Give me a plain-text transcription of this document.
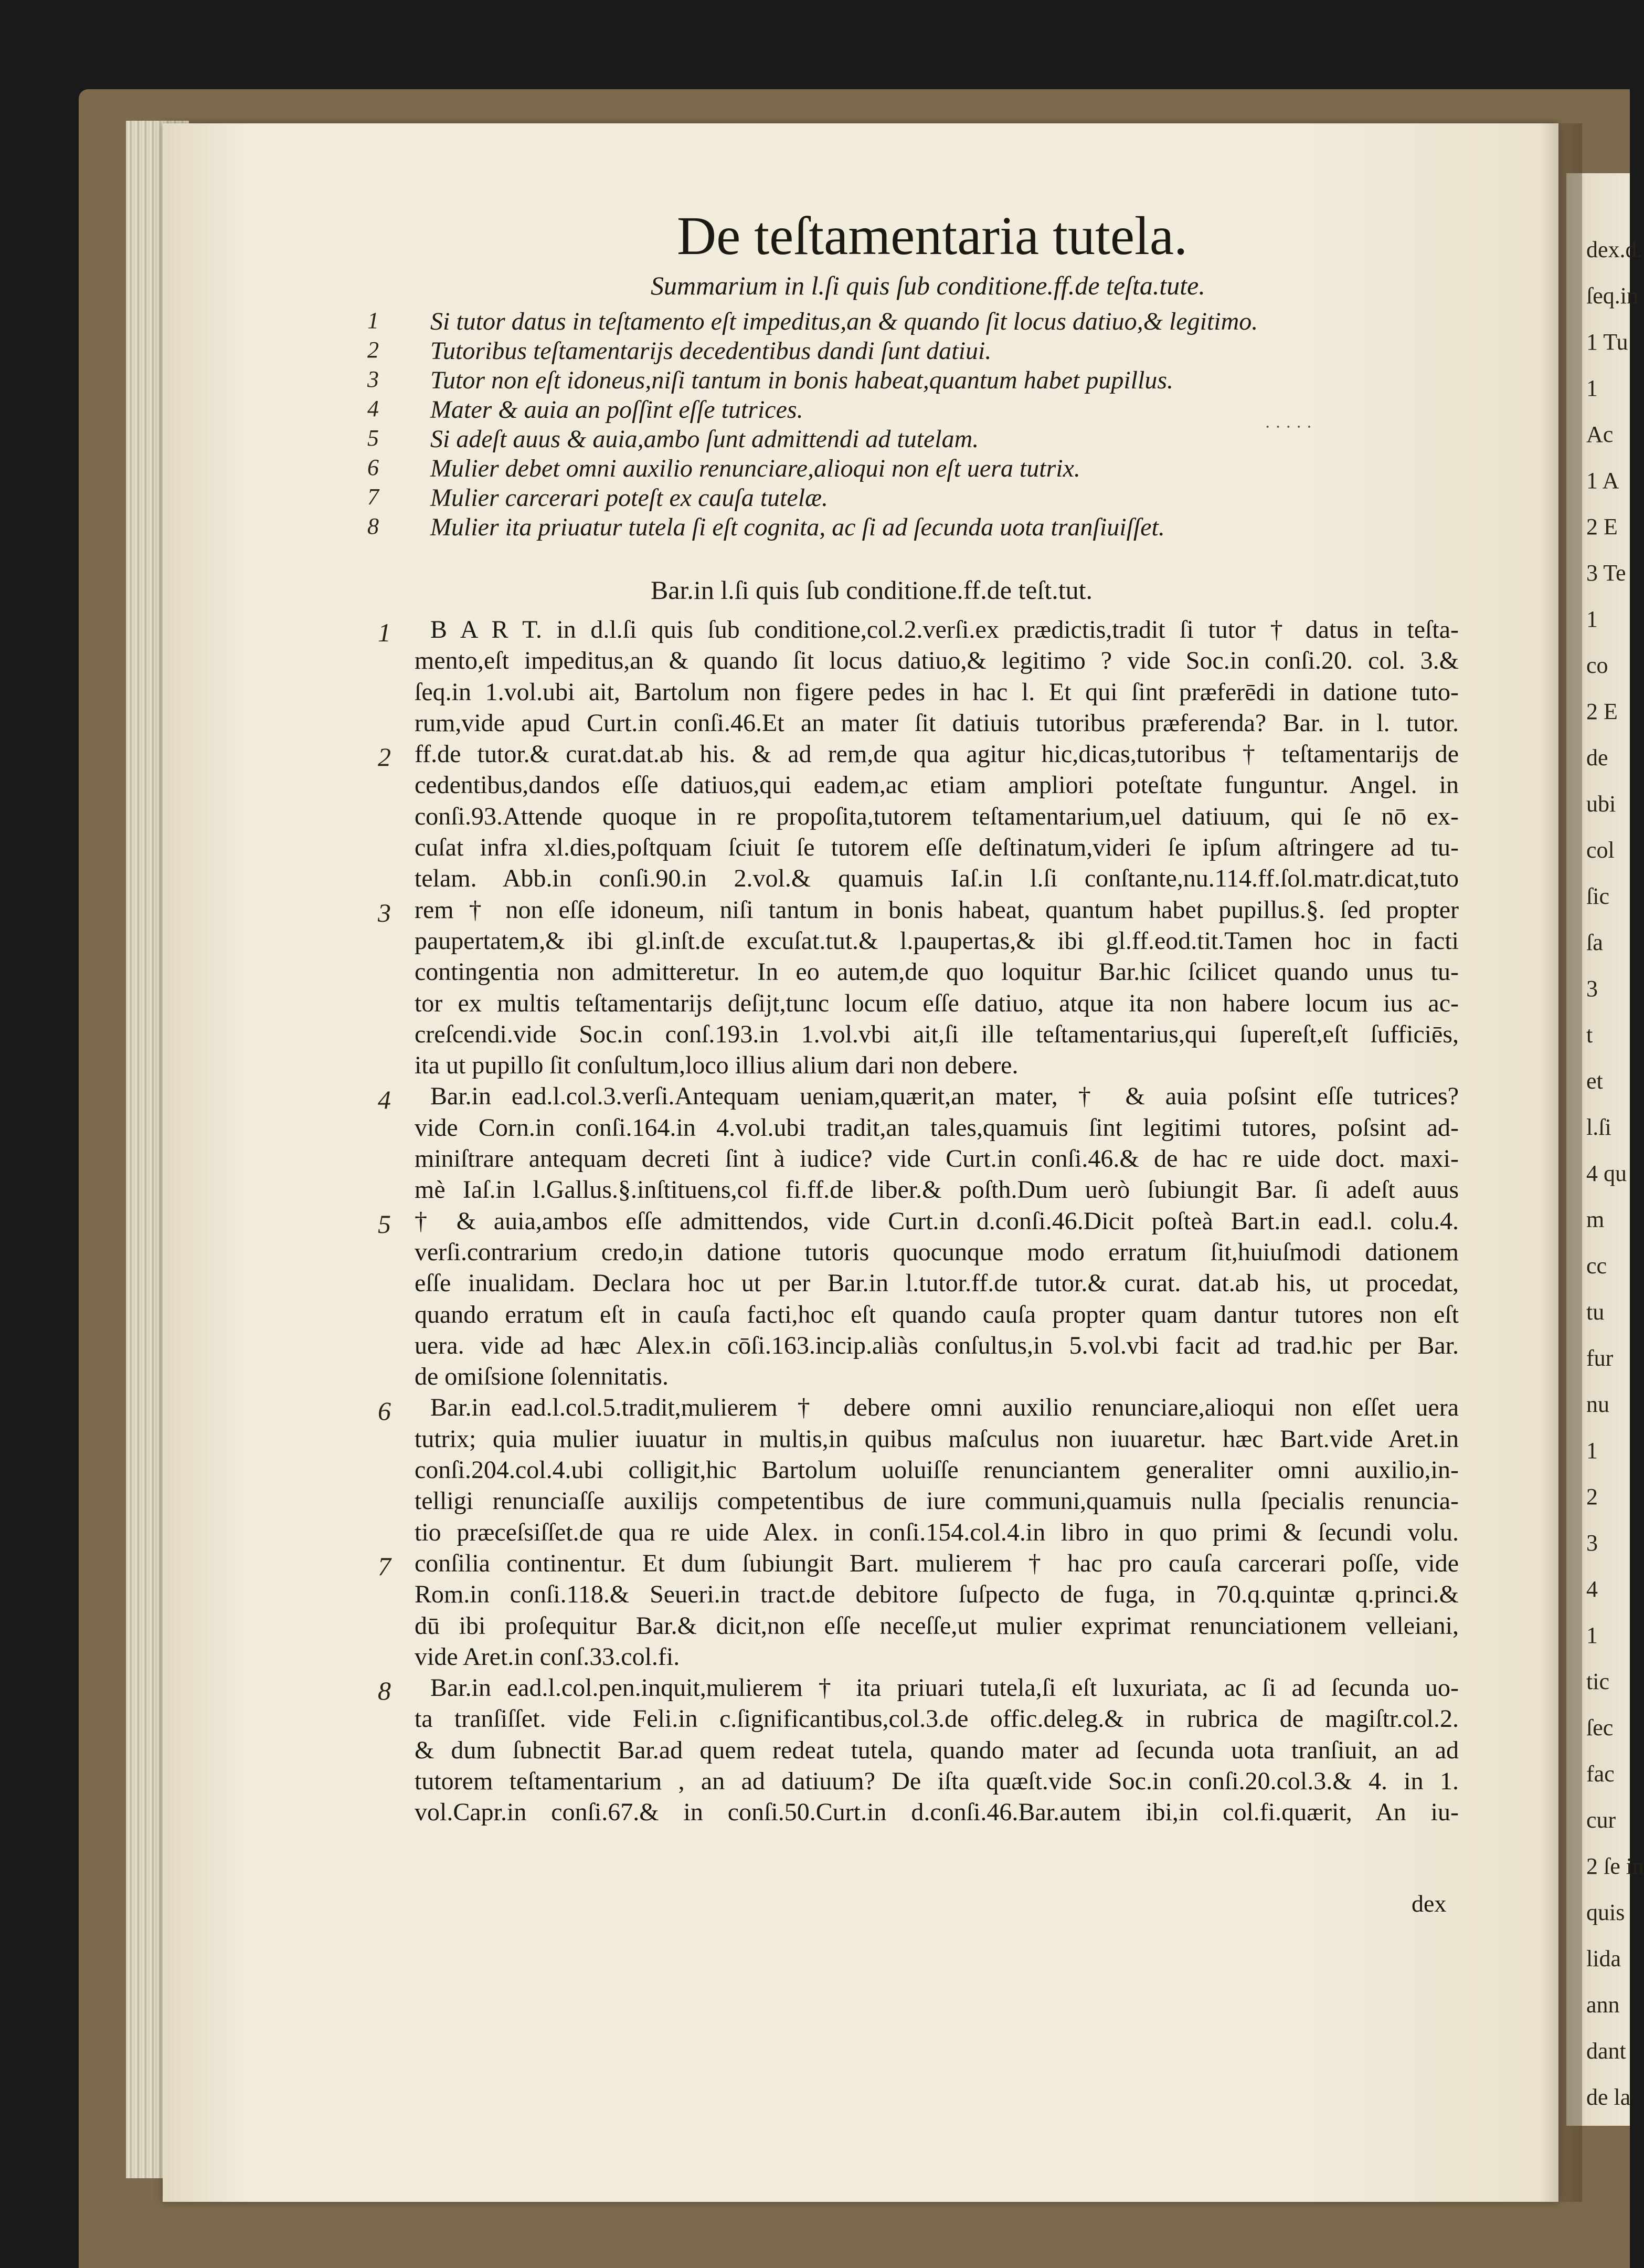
dex.d.
ſeq.in
1 Tu
1
Ac
1 A
2 E
3 Te
1
co
2 E
de
ubi
col
ſic
ſa
3
t
et
l.ſi
4 qu
m
cc
tu
fur
nu
1
2
3
4
1
tic
ſec
fac
cur
2 ſe in
quis
lida
ann
dant
de la
De teſtamentaria tutela.
Summarium in l.ſi quis ſub conditione.ff.de teſta.tute.
1 Si tutor datus in teſtamento eſt impeditus,an & quando ſit locus datiuo,& legitimo.
2 Tutoribus teſtamentarijs decedentibus dandi ſunt datiui.
3 Tutor non eſt idoneus,niſi tantum in bonis habeat,quantum habet pupillus.
4 Mater & auia an poſſint eſſe tutrices.
5 Si adeſt auus & auia,ambo ſunt admittendi ad tutelam.
6 Mulier debet omni auxilio renunciare,alioqui non eſt uera tutrix.
7 Mulier carcerari poteſt ex cauſa tutelæ.
8 Mulier ita priuatur tutela ſi eſt cognita, ac ſi ad ſecunda uota tranſiuiſſet.
· · · · ·
Bar.in l.ſi quis ſub conditione.ff.de teſt.tut.
B A R T. in d.l.ſi quis ſub conditione,col.2.verſi.ex prædictis,tradit ſi tutor † datus in teſta-
mento,eſt impeditus,an & quando ſit locus datiuo,& legitimo ? vide Soc.in conſi.20. col. 3.&
ſeq.in 1.vol.ubi ait, Bartolum non figere pedes in hac l. Et qui ſint præferēdi in datione tuto-
rum,vide apud Curt.in conſi.46.Et an mater ſit datiuis tutoribus præferenda? Bar. in l. tutor.
ff.de tutor.& curat.dat.ab his. & ad rem,de qua agitur hic,dicas,tutoribus † teſtamentarijs de
cedentibus,dandos eſſe datiuos,qui eadem,ac etiam ampliori poteſtate funguntur. Angel. in
conſi.93.Attende quoque in re propoſita,tutorem teſtamentarium,uel datiuum, qui ſe nō ex-
cuſat infra xl.dies,poſtquam ſciuit ſe tutorem eſſe deſtinatum,videri ſe ipſum aſtringere ad tu-
telam. Abb.in conſi.90.in 2.vol.& quamuis Iaſ.in l.ſi conſtante,nu.114.ff.ſol.matr.dicat,tuto
rem † non eſſe idoneum, niſi tantum in bonis habeat, quantum habet pupillus.§. ſed propter
paupertatem,& ibi gl.inſt.de excuſat.tut.& l.paupertas,& ibi gl.ff.eod.tit.Tamen hoc in facti
contingentia non admitteretur. In eo autem,de quo loquitur Bar.hic ſcilicet quando unus tu-
tor ex multis teſtamentarijs deſijt,tunc locum eſſe datiuo, atque ita non habere locum ius ac-
creſcendi.vide Soc.in conſ.193.in 1.vol.vbi ait,ſi ille teſtamentarius,qui ſupereſt,eſt ſufficiēs,
ita ut pupillo ſit conſultum,loco illius alium dari non debere.
Bar.in ead.l.col.3.verſi.Antequam ueniam,quærit,an mater, † & auia poſsint eſſe tutrices?
vide Corn.in conſi.164.in 4.vol.ubi tradit,an tales,quamuis ſint legitimi tutores, poſsint ad-
miniſtrare antequam decreti ſint à iudice? vide Curt.in conſi.46.& de hac re uide doct. maxi-
mè Iaſ.in l.Gallus.§.inſtituens,col fi.ff.de liber.& poſth.Dum uerò ſubiungit Bar. ſi adeſt auus
† & auia,ambos eſſe admittendos, vide Curt.in d.conſi.46.Dicit poſteà Bart.in ead.l. colu.4.
verſi.contrarium credo,in datione tutoris quocunque modo erratum ſit,huiuſmodi dationem
eſſe inualidam. Declara hoc ut per Bar.in l.tutor.ff.de tutor.& curat. dat.ab his, ut procedat,
quando erratum eſt in cauſa facti,hoc eſt quando cauſa propter quam dantur tutores non eſt
uera. vide ad hæc Alex.in cōſi.163.incip.aliàs conſultus,in 5.vol.vbi facit ad trad.hic per Bar.
de omiſsione ſolennitatis.
Bar.in ead.l.col.5.tradit,mulierem † debere omni auxilio renunciare,alioqui non eſſet uera
tutrix; quia mulier iuuatur in multis,in quibus maſculus non iuuaretur. hæc Bart.vide Aret.in
conſi.204.col.4.ubi colligit,hic Bartolum uoluiſſe renunciantem generaliter omni auxilio,in-
telligi renunciaſſe auxilijs competentibus de iure communi,quamuis nulla ſpecialis renuncia-
tio præceſsiſſet.de qua re uide Alex. in conſi.154.col.4.in libro in quo primi & ſecundi volu.
conſilia continentur. Et dum ſubiungit Bart. mulierem † hac pro cauſa carcerari poſſe, vide
Rom.in conſi.118.& Seueri.in tract.de debitore ſuſpecto de fuga, in 70.q.quintæ q.princi.&
dū ibi proſequitur Bar.& dicit,non eſſe neceſſe,ut mulier exprimat renunciationem velleiani,
vide Aret.in conſ.33.col.fi.
Bar.in ead.l.col.pen.inquit,mulierem † ita priuari tutela,ſi eſt luxuriata, ac ſi ad ſecunda uo-
ta tranſiſſet. vide Feli.in c.ſignificantibus,col.3.de offic.deleg.& in rubrica de magiſtr.col.2.
& dum ſubnectit Bar.ad quem redeat tutela, quando mater ad ſecunda uota tranſiuit, an ad
tutorem teſtamentarium , an ad datiuum? De iſta quæſt.vide Soc.in conſi.20.col.3.& 4. in 1.
vol.Capr.in conſi.67.& in conſi.50.Curt.in d.conſi.46.Bar.autem ibi,in col.fi.quærit, An iu-
dex
1
2
3
4
5
6
7
8
